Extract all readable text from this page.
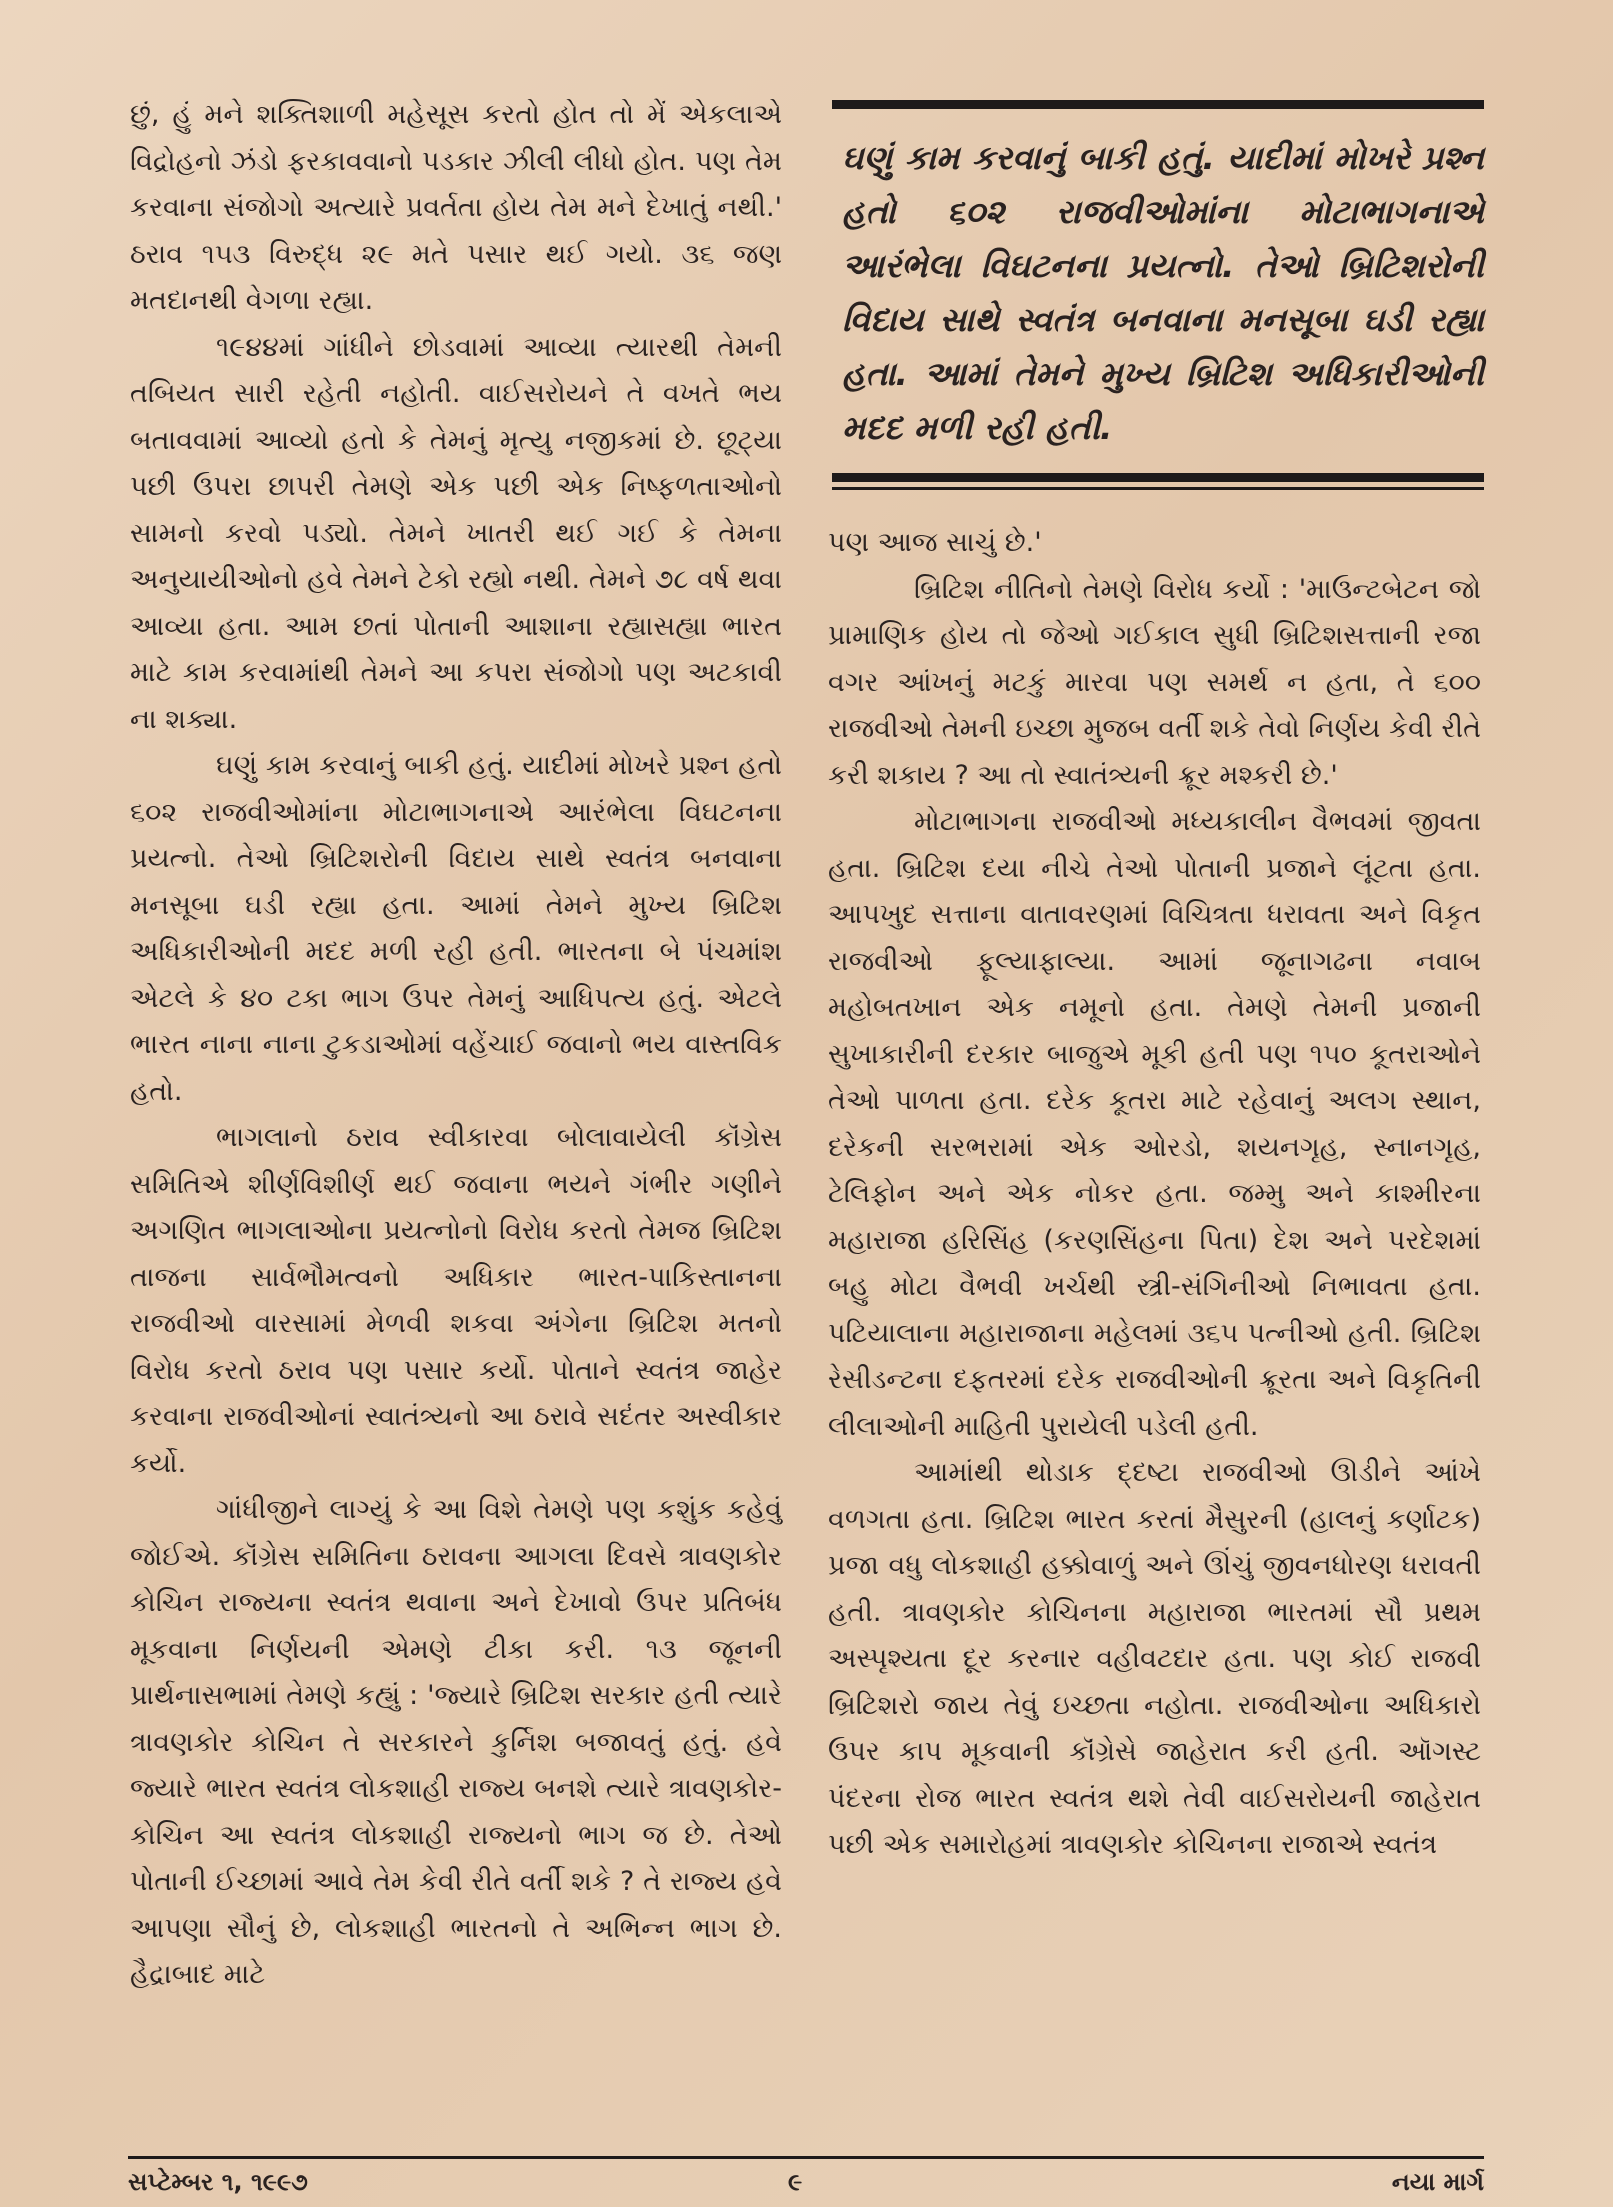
છું, હું મને શક્તિશાળી મહેસૂસ કરતો હોત તો મેં એકલાએ વિદ્રોહનો ઝંડો ફરકાવવાનો પડકાર ઝીલી લીધો હોત. પણ તેમ કરવાના સંજોગો અત્યારે પ્રવર્તતા હોય તેમ મને દેખાતું નથી.' ઠરાવ ૧૫૩ વિરુદ્ધ ૨૯ મતે પસાર થઈ ગયો. ૩૬ જણ મતદાનથી વેગળા રહ્યા.

૧૯૪૪માં ગાંધીને છોડવામાં આવ્યા ત્યારથી તેમની તબિયત સારી રહેતી નહોતી. વાઈસરોયને તે વખતે ભય બતાવવામાં આવ્યો હતો કે તેમનું મૃત્યુ નજીકમાં છે. છૂટ્યા પછી ઉપરા છાપરી તેમણે એક પછી એક નિષ્ફળતાઓનો સામનો કરવો પડ્યો. તેમને ખાતરી થઈ ગઈ કે તેમના અનુયાયીઓનો હવે તેમને ટેકો રહ્યો નથી. તેમને ૭૮ વર્ષ થવા આવ્યા હતા. આમ છતાં પોતાની આશાના રહ્યાસહ્યા ભારત માટે કામ કરવામાંથી તેમને આ કપરા સંજોગો પણ અટકાવી ના શક્યા.

ઘણું કામ કરવાનું બાકી હતું. યાદીમાં મોખરે પ્રશ્ન હતો ૬૦૨ રાજવીઓમાંના મોટાભાગનાએ આરંભેલા વિઘટનના પ્રયત્નો. તેઓ બ્રિટિશરોની વિદાય સાથે સ્વતંત્ર બનવાના મનસૂબા ઘડી રહ્યા હતા. આમાં તેમને મુખ્ય બ્રિટિશ અધિકારીઓની મદદ મળી રહી હતી. ભારતના બે પંચમાંશ એટલે કે ૪૦ ટકા ભાગ ઉપર તેમનું આધિપત્ય હતું. એટલે ભારત નાના નાના ટુકડાઓમાં વહેંચાઈ જવાનો ભય વાસ્તવિક હતો.

ભાગલાનો ઠરાવ સ્વીકારવા બોલાવાયેલી કૉંગ્રેસ સમિતિએ શીર્ણવિશીર્ણ થઈ જવાના ભયને ગંભીર ગણીને અગણિત ભાગલાઓના પ્રયત્નોનો વિરોધ કરતો તેમજ બ્રિટિશ તાજના સાર્વભૌમત્વનો અધિકાર ભારત-પાકિસ્તાનના રાજવીઓ વારસામાં મેળવી શકવા અંગેના બ્રિટિશ મતનો વિરોધ કરતો ઠરાવ પણ પસાર કર્યો. પોતાને સ્વતંત્ર જાહેર કરવાના રાજવીઓનાં સ્વાતંત્ર્યનો આ ઠરાવે સદંતર અસ્વીકાર કર્યો.

ગાંધીજીને લાગ્યું કે આ વિશે તેમણે પણ કશુંક કહેવું જોઈએ. કૉંગ્રેસ સમિતિના ઠરાવના આગલા દિવસે ત્રાવણકોર કોચિન રાજ્યના સ્વતંત્ર થવાના અને દેખાવો ઉપર પ્રતિબંધ મૂકવાના નિર્ણયની એમણે ટીકા કરી. ૧૩ જૂનની પ્રાર્થનાસભામાં તેમણે કહ્યું : 'જ્યારે બ્રિટિશ સરકાર હતી ત્યારે ત્રાવણકોર કોચિન તે સરકારને કુર્નિશ બજાવતું હતું. હવે જ્યારે ભારત સ્વતંત્ર લોકશાહી રાજ્ય બનશે ત્યારે ત્રાવણકોર-કોચિન આ સ્વતંત્ર લોકશાહી રાજ્યનો ભાગ જ છે. તેઓ પોતાની ઈચ્છામાં આવે તેમ કેવી રીતે વર્તી શકે ? તે રાજ્ય હવે આપણા સૌનું છે, લોકશાહી ભારતનો તે અભિન્ન ભાગ છે. હૈદ્રાબાદ માટે

ઘણું કામ કરવાનું બાકી હતું. યાદીમાં મોખરે પ્રશ્ન હતો ૬૦૨ રાજવીઓમાંના મોટાભાગનાએ આરંભેલા વિઘટનના પ્રયત્નો. તેઓ બ્રિટિશરોની વિદાય સાથે સ્વતંત્ર બનવાના મનસૂબા ઘડી રહ્યા હતા. આમાં તેમને મુખ્ય બ્રિટિશ અધિકારીઓની મદદ મળી રહી હતી.

પણ આજ સાચું છે.'

બ્રિટિશ નીતિનો તેમણે વિરોધ કર્યો : 'માઉન્ટબેટન જો પ્રામાણિક હોય તો જેઓ ગઈકાલ સુધી બ્રિટિશસત્તાની રજા વગર આંખનું મટકું મારવા પણ સમર્થ ન હતા, તે ૬૦૦ રાજવીઓ તેમની ઇચ્છા મુજબ વર્તી શકે તેવો નિર્ણય કેવી રીતે કરી શકાય ? આ તો સ્વાતંત્ર્યની ક્રૂર મશ્કરી છે.'

મોટાભાગના રાજવીઓ મધ્યકાલીન વૈભવમાં જીવતા હતા. બ્રિટિશ દયા નીચે તેઓ પોતાની પ્રજાને લૂંટતા હતા. આપખુદ સત્તાના વાતાવરણમાં વિચિત્રતા ધરાવતા અને વિકૃત રાજવીઓ ફૂલ્યાફાલ્યા. આમાં જૂનાગઢના નવાબ મહોબતખાન એક નમૂનો હતા. તેમણે તેમની પ્રજાની સુખાકારીની દરકાર બાજુએ મૂકી હતી પણ ૧૫૦ કૂતરાઓને તેઓ પાળતા હતા. દરેક કૂતરા માટે રહેવાનું અલગ સ્થાન, દરેકની સરભરામાં એક ઓરડો, શયનગૃહ, સ્નાનગૃહ, ટેલિફોન અને એક નોકર હતા. જમ્મુ અને કાશ્મીરના મહારાજા હરિસિંહ (કરણસિંહના પિતા) દેશ અને પરદેશમાં બહુ મોટા વૈભવી ખર્ચથી સ્ત્રી-સંગિનીઓ નિભાવતા હતા. પટિયાલાના મહારાજાના મહેલમાં ૩૬૫ પત્નીઓ હતી. બ્રિટિશ રેસીડન્ટના દફતરમાં દરેક રાજવીઓની ક્રૂરતા અને વિકૃતિની લીલાઓની માહિતી પુરાયેલી પડેલી હતી.

આમાંથી થોડાક દ્દષ્ટા રાજવીઓ ઊડીને આંખે વળગતા હતા. બ્રિટિશ ભારત કરતાં મૈસુરની (હાલનું કર્ણાટક) પ્રજા વધુ લોકશાહી હક્કોવાળું અને ઊંચું જીવનધોરણ ધરાવતી હતી. ત્રાવણકોર કોચિનના મહારાજા ભારતમાં સૌ પ્રથમ અસ્પૃશ્યતા દૂર કરનાર વહીવટદાર હતા. પણ કોઈ રાજવી બ્રિટિશરો જાય તેવું ઇચ્છતા નહોતા. રાજવીઓના અધિકારો ઉપર કાપ મૂકવાની કૉંગ્રેસે જાહેરાત કરી હતી. ઑગસ્ટ પંદરના રોજ ભારત સ્વતંત્ર થશે તેવી વાઈસરોયની જાહેરાત પછી એક સમારોહમાં ત્રાવણકોર કોચિનના રાજાએ સ્વતંત્ર

સપ્ટેમ્બર ૧, ૧૯૯૭	૯	નયા માર્ગ
